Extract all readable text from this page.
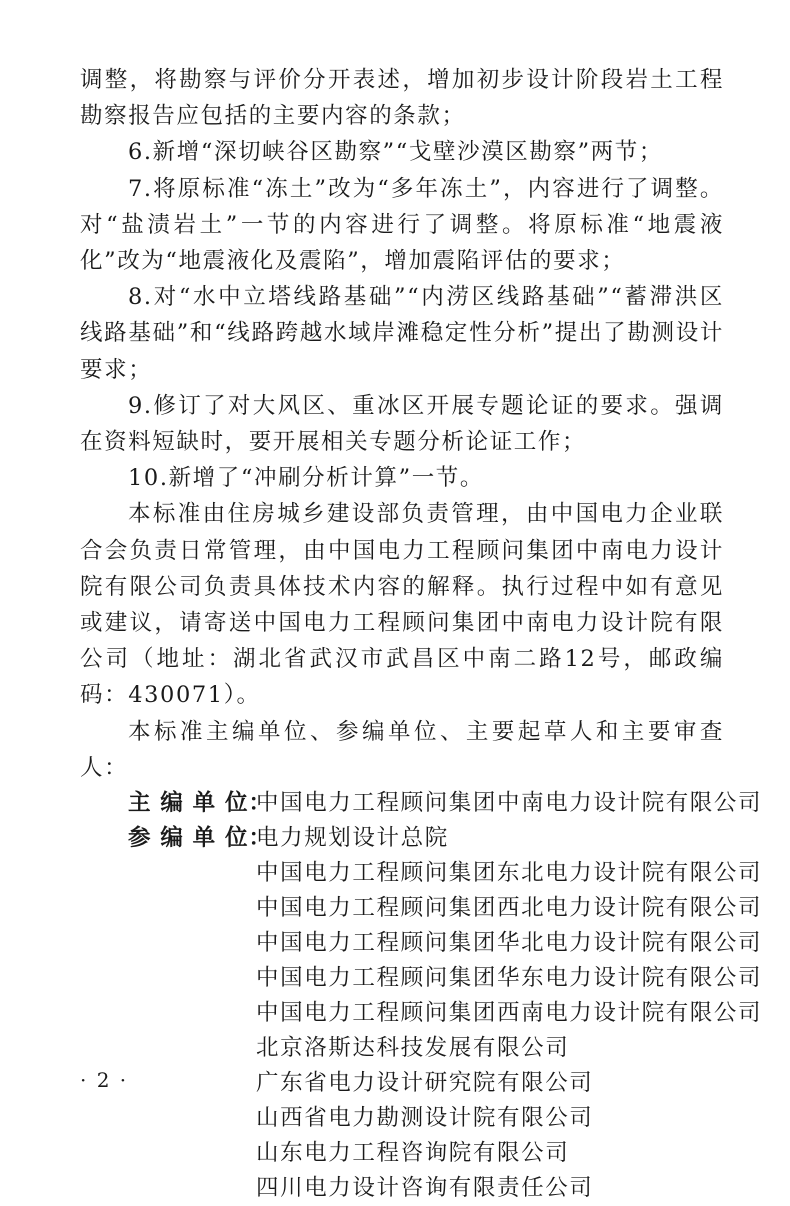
调整，将勘察与评价分开表述，增加初步设计阶段岩土工程勘察报告应包括的主要内容的条款；

6.新增“深切峡谷区勘察”“戈壁沙漠区勘察”两节；

7.将原标准“冻土”改为“多年冻土”，内容进行了调整。对“盐渍岩土”一节的内容进行了调整。将原标准“地震液化”改为“地震液化及震陷”，增加震陷评估的要求；

8.对“水中立塔线路基础”“内涝区线路基础”“蓄滞洪区线路基础”和“线路跨越水域岸滩稳定性分析”提出了勘测设计要求；

9.修订了对大风区、重冰区开展专题论证的要求。强调在资料短缺时，要开展相关专题分析论证工作；

10.新增了“冲刷分析计算”一节。

本标准由住房城乡建设部负责管理，由中国电力企业联合会负责日常管理，由中国电力工程顾问集团中南电力设计院有限公司负责具体技术内容的解释。执行过程中如有意见或建议，请寄送中国电力工程顾问集团中南电力设计院有限公司（地址：湖北省武汉市武昌区中南二路12号，邮政编码：430071）。

本标准主编单位、参编单位、主要起草人和主要审查人：

主 编 单 位：
中国电力工程顾问集团中南电力设计院有限公司
参 编 单 位：
电力规划设计总院
中国电力工程顾问集团东北电力设计院有限公司
中国电力工程顾问集团西北电力设计院有限公司
中国电力工程顾问集团华北电力设计院有限公司
中国电力工程顾问集团华东电力设计院有限公司
中国电力工程顾问集团西南电力设计院有限公司
北京洛斯达科技发展有限公司
广东省电力设计研究院有限公司
山西省电力勘测设计院有限公司
山东电力工程咨询院有限公司
四川电力设计咨询有限责任公司
· 2 ·
